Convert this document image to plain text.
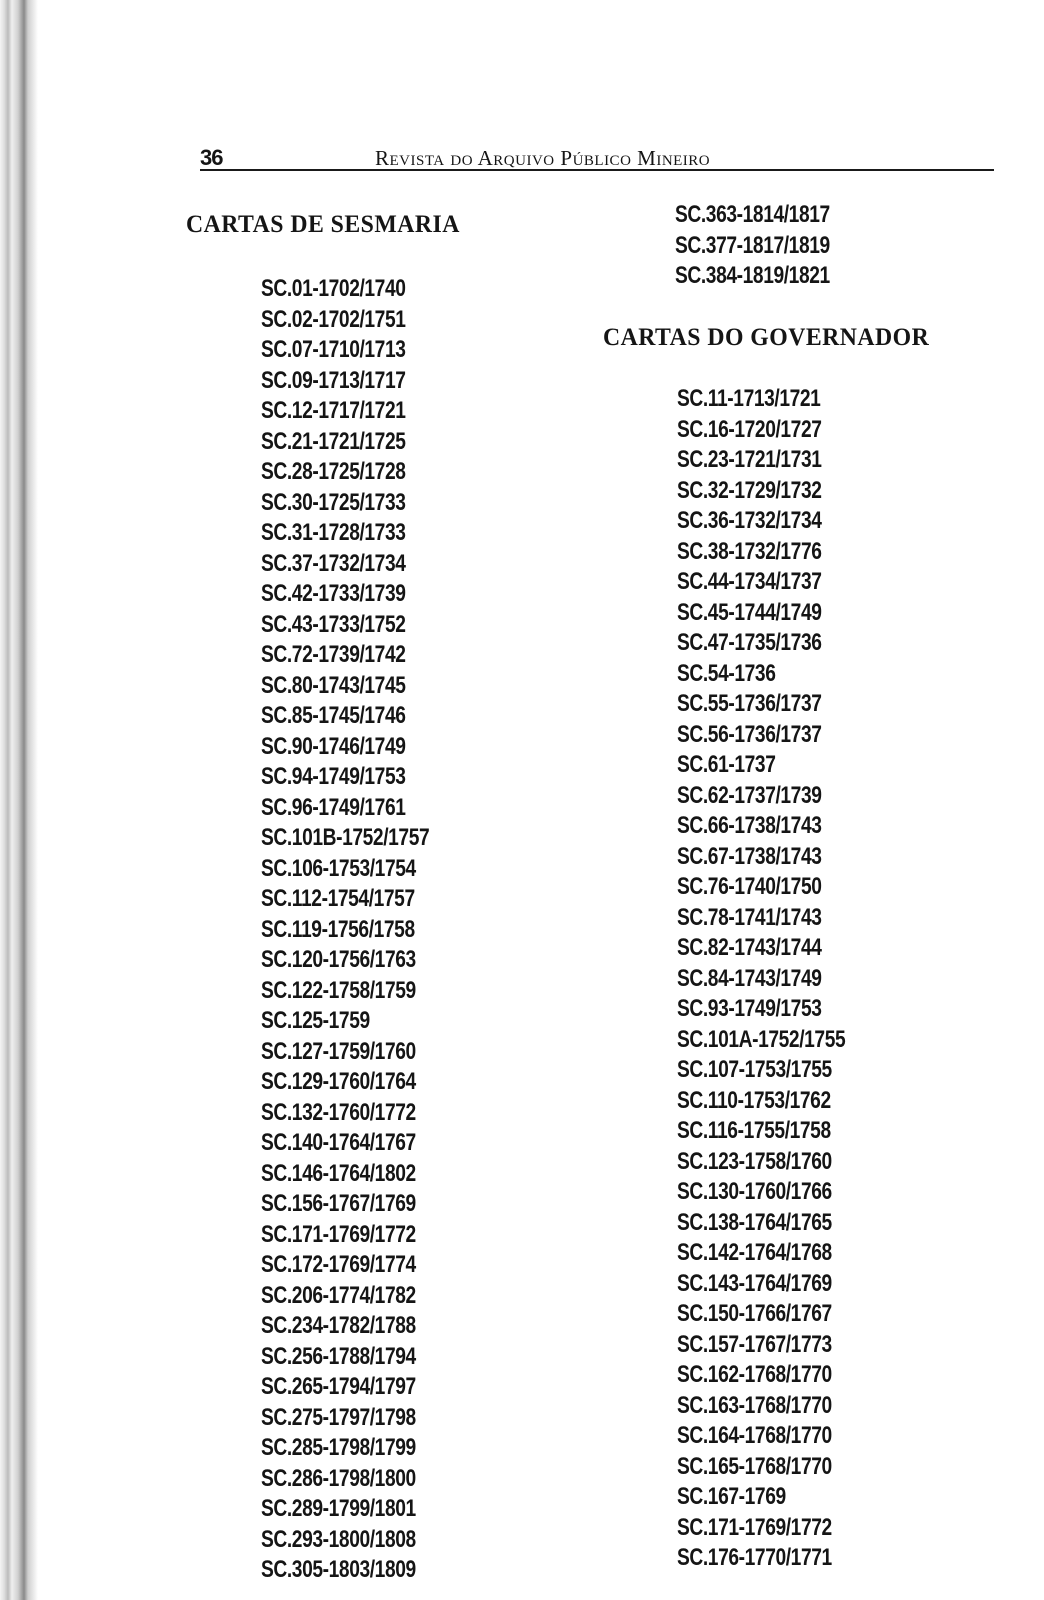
36	Revista do Arquivo Público Mineiro
CARTAS DE SESMARIA
SC.01-1702/1740
SC.02-1702/1751
SC.07-1710/1713
SC.09-1713/1717
SC.12-1717/1721
SC.21-1721/1725
SC.28-1725/1728
SC.30-1725/1733
SC.31-1728/1733
SC.37-1732/1734
SC.42-1733/1739
SC.43-1733/1752
SC.72-1739/1742
SC.80-1743/1745
SC.85-1745/1746
SC.90-1746/1749
SC.94-1749/1753
SC.96-1749/1761
SC.101B-1752/1757
SC.106-1753/1754
SC.112-1754/1757
SC.119-1756/1758
SC.120-1756/1763
SC.122-1758/1759
SC.125-1759
SC.127-1759/1760
SC.129-1760/1764
SC.132-1760/1772
SC.140-1764/1767
SC.146-1764/1802
SC.156-1767/1769
SC.171-1769/1772
SC.172-1769/1774
SC.206-1774/1782
SC.234-1782/1788
SC.256-1788/1794
SC.265-1794/1797
SC.275-1797/1798
SC.285-1798/1799
SC.286-1798/1800
SC.289-1799/1801
SC.293-1800/1808
SC.305-1803/1809
SC.363-1814/1817
SC.377-1817/1819
SC.384-1819/1821
CARTAS DO GOVERNADOR
SC.11-1713/1721
SC.16-1720/1727
SC.23-1721/1731
SC.32-1729/1732
SC.36-1732/1734
SC.38-1732/1776
SC.44-1734/1737
SC.45-1744/1749
SC.47-1735/1736
SC.54-1736
SC.55-1736/1737
SC.56-1736/1737
SC.61-1737
SC.62-1737/1739
SC.66-1738/1743
SC.67-1738/1743
SC.76-1740/1750
SC.78-1741/1743
SC.82-1743/1744
SC.84-1743/1749
SC.93-1749/1753
SC.101A-1752/1755
SC.107-1753/1755
SC.110-1753/1762
SC.116-1755/1758
SC.123-1758/1760
SC.130-1760/1766
SC.138-1764/1765
SC.142-1764/1768
SC.143-1764/1769
SC.150-1766/1767
SC.157-1767/1773
SC.162-1768/1770
SC.163-1768/1770
SC.164-1768/1770
SC.165-1768/1770
SC.167-1769
SC.171-1769/1772
SC.176-1770/1771
